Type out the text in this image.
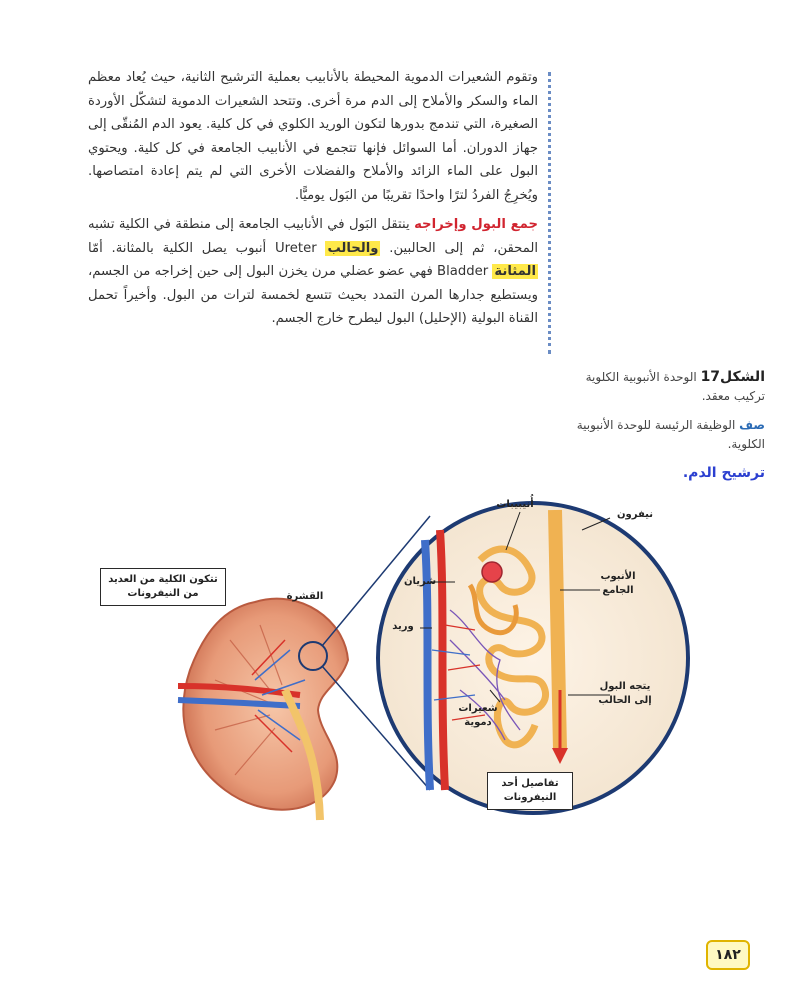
وتقوم الشعيرات الدموية المحيطة بالأنابيب بعملية الترشيح الثانية، حيث يُعاد معظم الماء والسكر والأملاح إلى الدم مرة أخرى. وتتحد الشعيرات الدموية لتشكّل الأوردة الصغيرة، التي تندمج بدورها لتكون الوريد الكلوي في كل كلية. يعود الدم المُنقّى إلى جهاز الدوران. أما السوائل فإنها تتجمع في الأنابيب الجامعة في كل كلية. ويحتوي البول على الماء الزائد والأملاح والفضلات الأخرى التي لم يتم إعادة امتصاصها. ويُخرِجُ الفردُ لترًا واحدًا تقريبًا من البَول يوميًّا.

جمع البول وإخراجه ينتقل البَول في الأنابيب الجامعة إلى منطقة في الكلية تشبه المحقن، ثم إلى الحالبين. والحالب Ureter أنبوب يصل الكلية بالمثانة. أمّا المثانة Bladder فهي عضو عضلي مرن يخزن البول إلى حين إخراجه من الجسم، ويستطيع جدارها المرن التمدد بحيث تتسع لخمسة لترات من البول. وأخيراً تحمل القناة البولية (الإحليل) البول ليطرح خارج الجسم.

الشكل17 الوحدة الأنبوبية الكلوية تركيب معقد.
صف الوظيفة الرئيسة للوحدة الأنبوبية الكلوية.
ترشيح الدم.
تتكون الكلية من العديد من النيفرونات	القشرة
نيفرون
أُنيبيبات
شريان
وريد
الأنبوب الجامع
يتجه البول إلى الحالب
شعيرات دموية
تفاصيل أحد النيفرونات
١٨٢
